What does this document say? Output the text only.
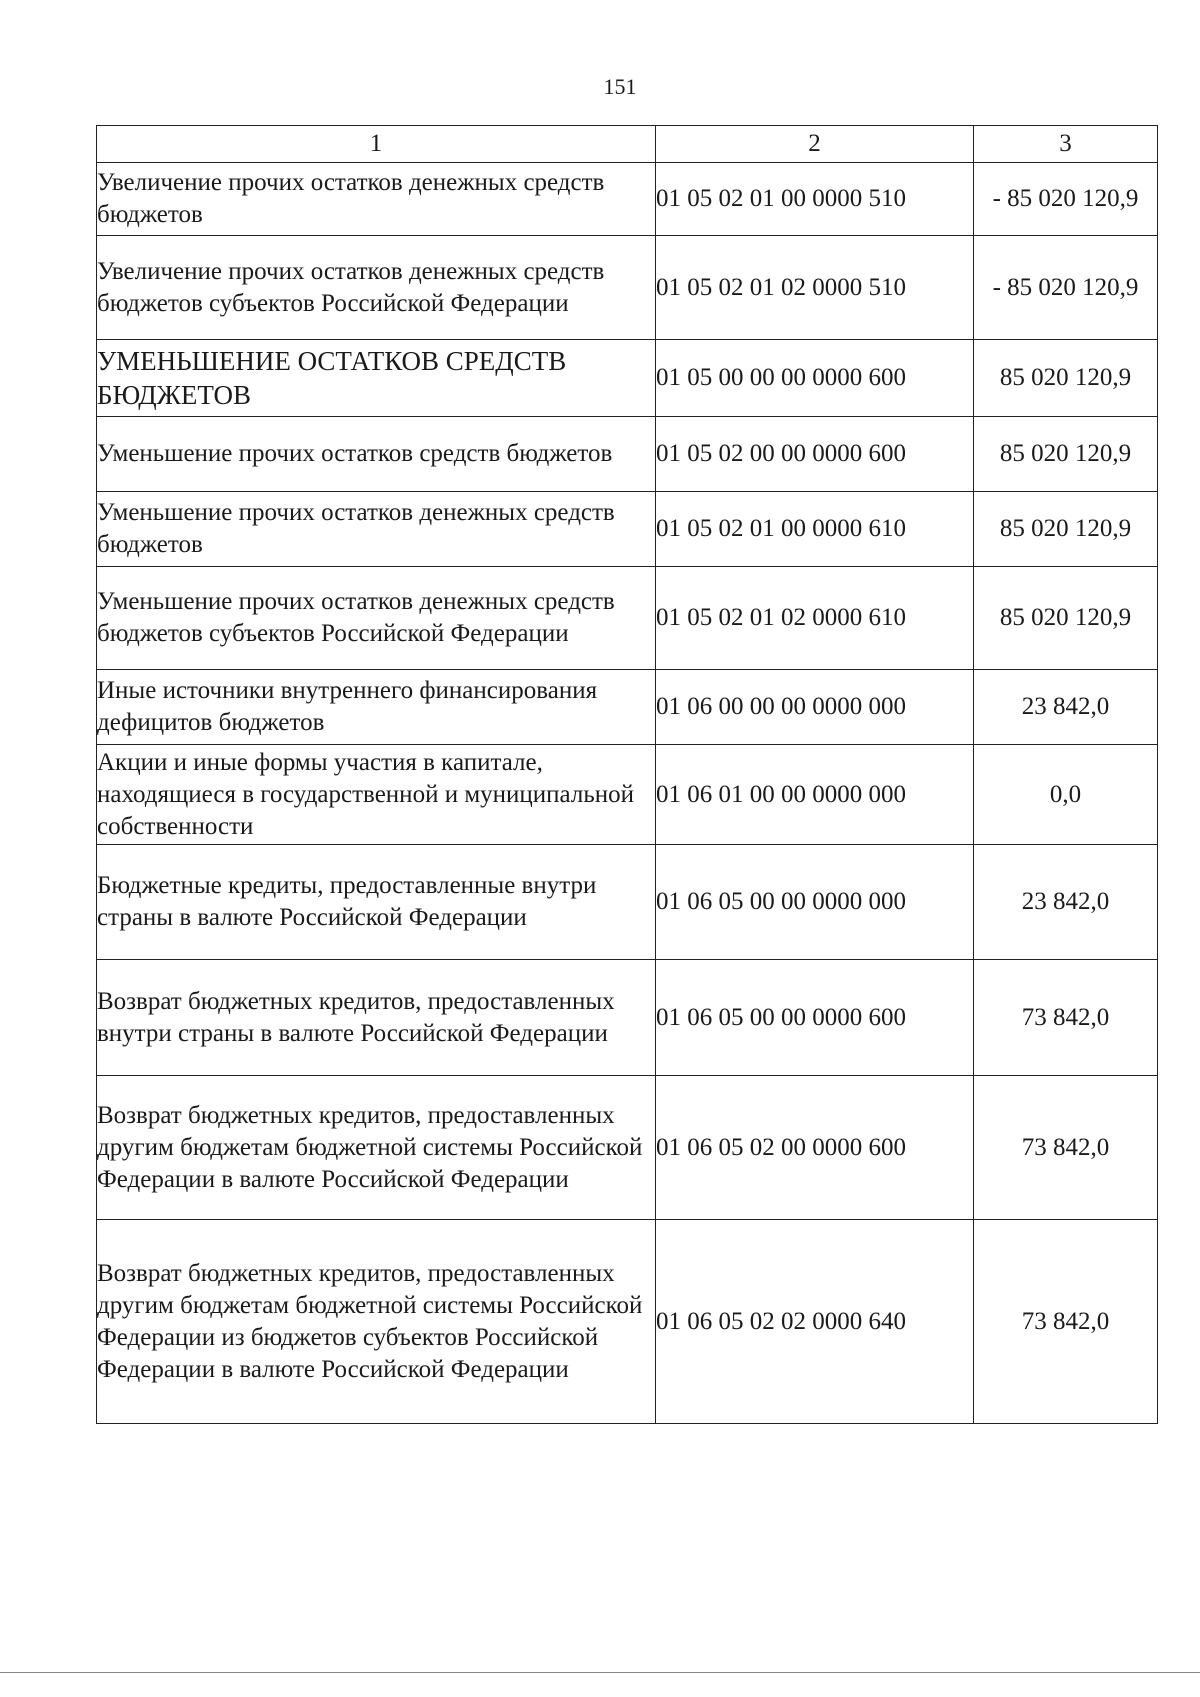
151
1	2	3
Увеличение прочих остатков денежных средств бюджетов	01 05 02 01 00 0000 510	- 85 020 120,9
Увеличение прочих остатков денежных средств бюджетов субъектов Российской Федерации	01 05 02 01 02 0000 510	- 85 020 120,9
УМЕНЬШЕНИЕ ОСТАТКОВ СРЕДСТВ БЮДЖЕТОВ	01 05 00 00 00 0000 600	85 020 120,9
Уменьшение прочих остатков средств бюджетов	01 05 02 00 00 0000 600	85 020 120,9
Уменьшение прочих остатков денежных средств бюджетов	01 05 02 01 00 0000 610	85 020 120,9
Уменьшение прочих остатков денежных средств бюджетов субъектов Российской Федерации	01 05 02 01 02 0000 610	85 020 120,9
Иные источники внутреннего финансирования дефицитов бюджетов	01 06 00 00 00 0000 000	23 842,0
Акции и иные формы участия в капитале, находящиеся в государственной и муниципальной собственности	01 06 01 00 00 0000 000	0,0
Бюджетные кредиты, предоставленные внутри страны в валюте Российской Федерации	01 06 05 00 00 0000 000	23 842,0
Возврат бюджетных кредитов, предоставленных внутри страны в валюте Российской Федерации	01 06 05 00 00 0000 600	73 842,0
Возврат бюджетных кредитов, предоставленных другим бюджетам бюджетной системы Российской Федерации в валюте Российской Федерации	01 06 05 02 00 0000 600	73 842,0
Возврат бюджетных кредитов, предоставленных другим бюджетам бюджетной системы Российской Федерации из бюджетов субъектов Российской Федерации в валюте Российской Федерации	01 06 05 02 02 0000 640	73 842,0
